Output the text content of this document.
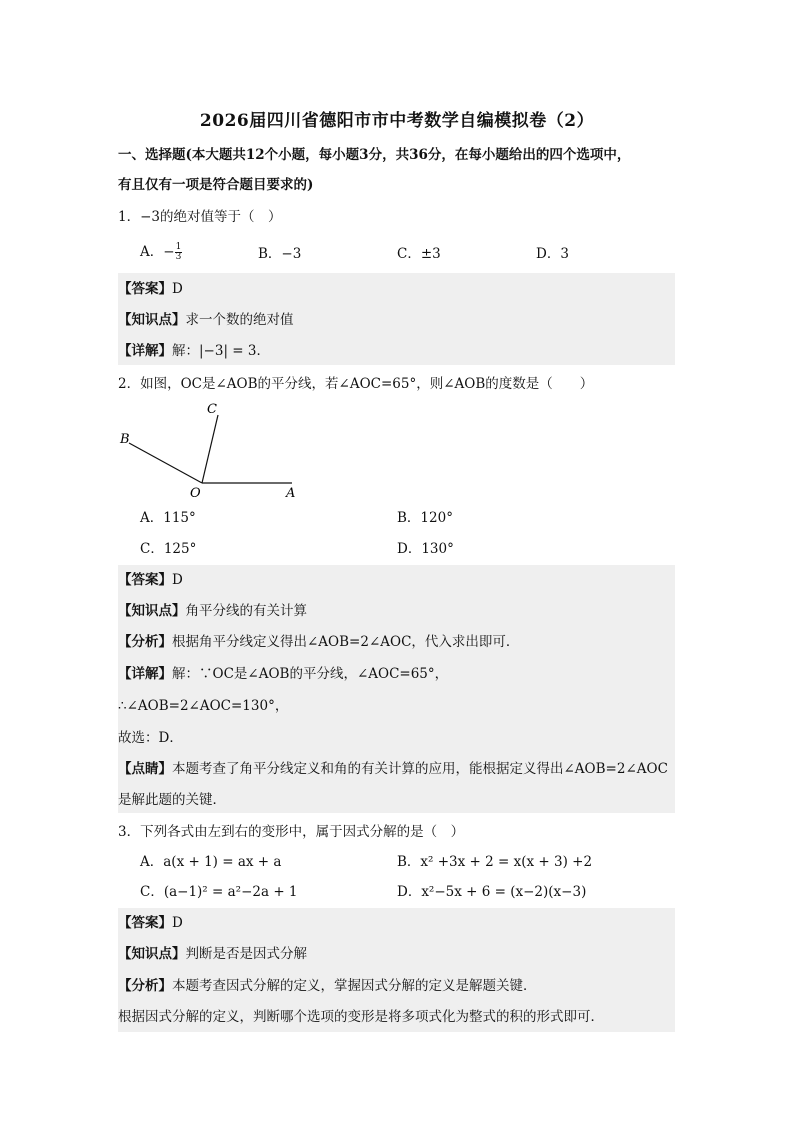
2026届四川省德阳市市中考数学自编模拟卷（2）
一、选择题(本大题共12个小题，每小题3分，共36分，在每小题给出的四个选项中，
有且仅有一项是符合题目要求的)
1．−3的绝对值等于（　）
A．− $\frac{1}{3}$	B．−3	C．±3	D．3
【答案】D
【知识点】求一个数的绝对值
【详解】解：|−3| = 3．
2．如图，OC是∠AOB的平分线，若∠AOC=65°，则∠AOB的度数是（　　）
A
B
C
O
A．115°	B．120°
C．125°	D．130°
【答案】D
【知识点】角平分线的有关计算
【分析】根据角平分线定义得出∠AOB=2∠AOC，代入求出即可．
【详解】解：∵OC是∠AOB的平分线，∠AOC=65°，
∴∠AOB=2∠AOC=130°，
故选：D．
【点睛】本题考查了角平分线定义和角的有关计算的应用，能根据定义得出∠AOB=2∠AOC
是解此题的关键．
3．下列各式由左到右的变形中，属于因式分解的是（　）
A．a(x + 1) = ax + a	B．x² +3x + 2 = x(x + 3) +2
C．(a−1)² = a²−2a + 1	D．x²−5x + 6 = (x−2)(x−3)
【答案】D
【知识点】判断是否是因式分解
【分析】本题考查因式分解的定义，掌握因式分解的定义是解题关键．
根据因式分解的定义，判断哪个选项的变形是将多项式化为整式的积的形式即可．
